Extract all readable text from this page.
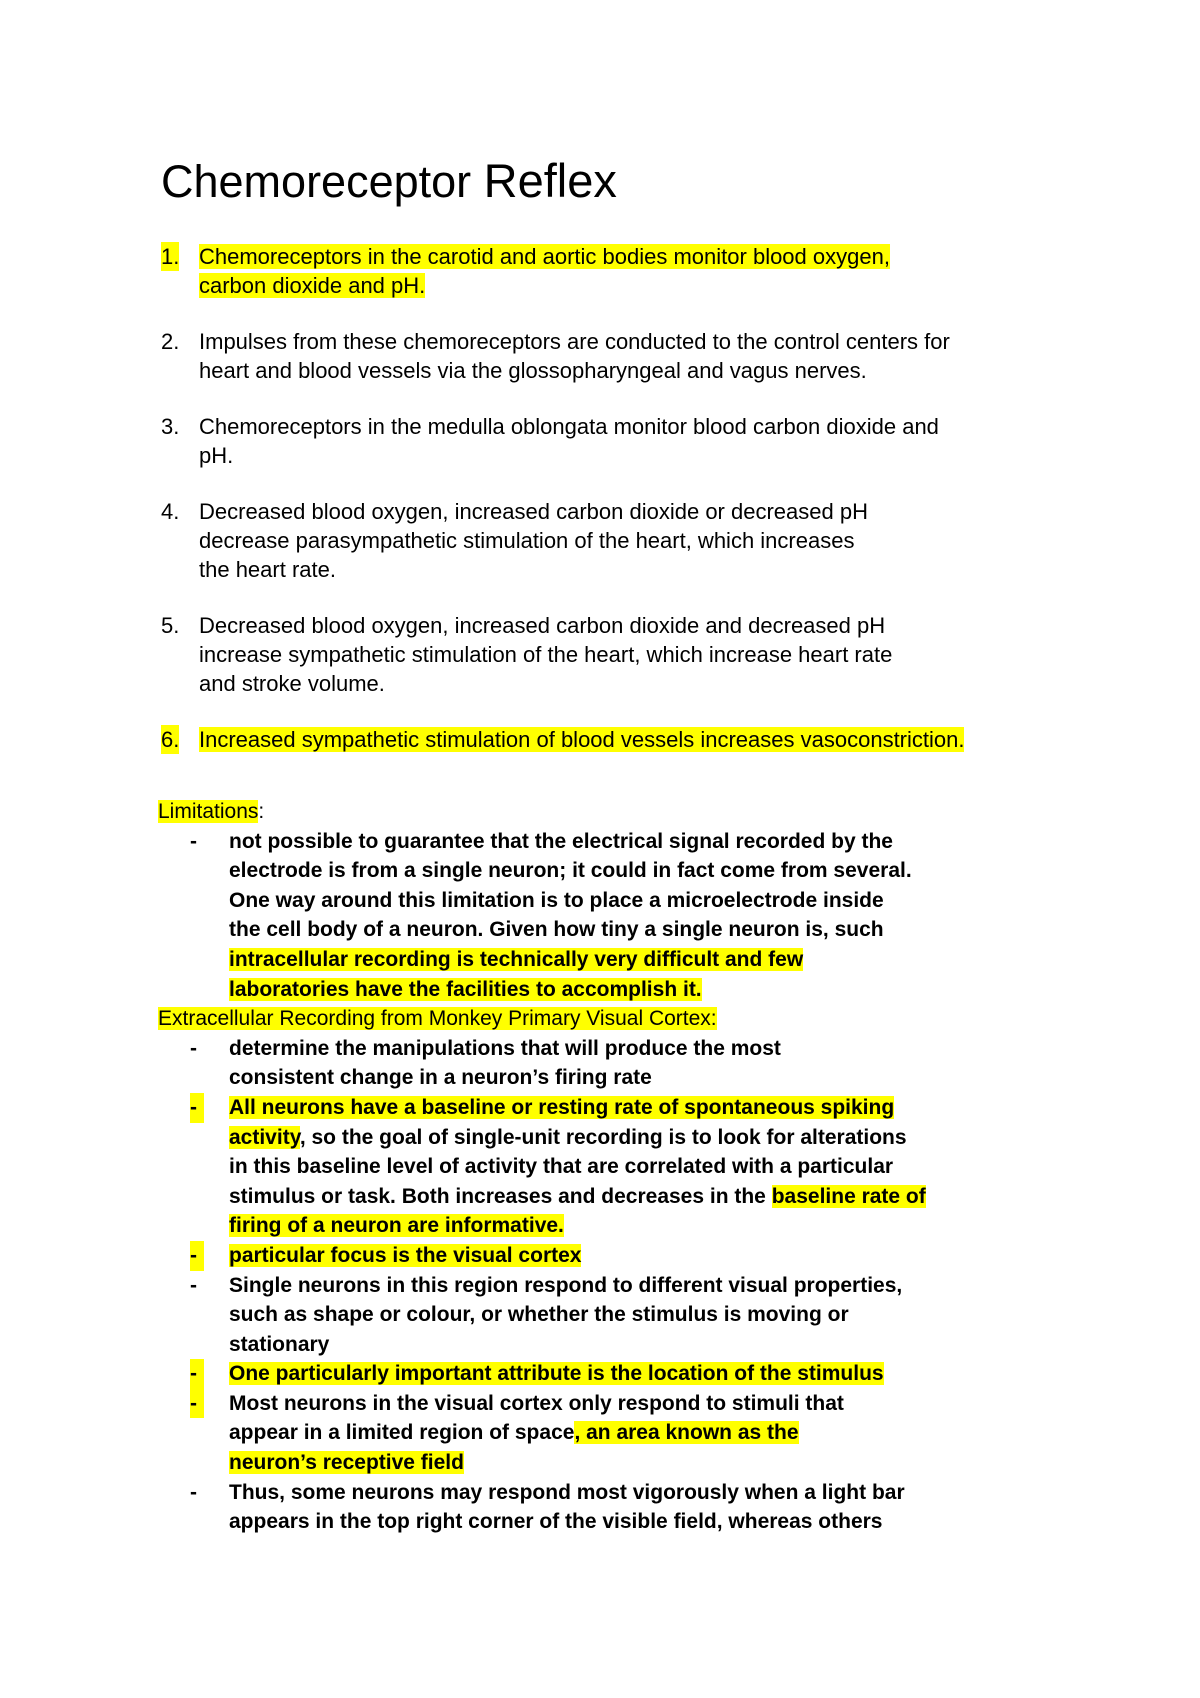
Chemoreceptor Reflex
1. Chemoreceptors in the carotid and aortic bodies monitor blood oxygen,
carbon dioxide and pH.
2. Impulses from these chemoreceptors are conducted to the control centers for
heart and blood vessels via the glossopharyngeal and vagus nerves.
3. Chemoreceptors in the medulla oblongata monitor blood carbon dioxide and
pH.
4. Decreased blood oxygen, increased carbon dioxide or decreased pH
decrease parasympathetic stimulation of the heart, which increases
the heart rate.
5. Decreased blood oxygen, increased carbon dioxide and decreased pH
increase sympathetic stimulation of the heart, which increase heart rate
and stroke volume.
6. Increased sympathetic stimulation of blood vessels increases vasoconstriction.
Limitations:
-	not possible to guarantee that the electrical signal recorded by the
electrode is from a single neuron; it could in fact come from several.
One way around this limitation is to place a microelectrode inside
the cell body of a neuron. Given how tiny a single neuron is, such
intracellular recording is technically very difficult and few
laboratories have the facilities to accomplish it.
Extracellular Recording from Monkey Primary Visual Cortex:
-	determine the manipulations that will produce the most
consistent change in a neuron’s firing rate
-	All neurons have a baseline or resting rate of spontaneous spiking
activity, so the goal of single-unit recording is to look for alterations
in this baseline level of activity that are correlated with a particular
stimulus or task. Both increases and decreases in the baseline rate of
firing of a neuron are informative.
-	particular focus is the visual cortex
-	Single neurons in this region respond to different visual properties,
such as shape or colour, or whether the stimulus is moving or
stationary
-	One particularly important attribute is the location of the stimulus
-	Most neurons in the visual cortex only respond to stimuli that
appear in a limited region of space, an area known as the
neuron’s receptive field
-	Thus, some neurons may respond most vigorously when a light bar
appears in the top right corner of the visible field, whereas others
